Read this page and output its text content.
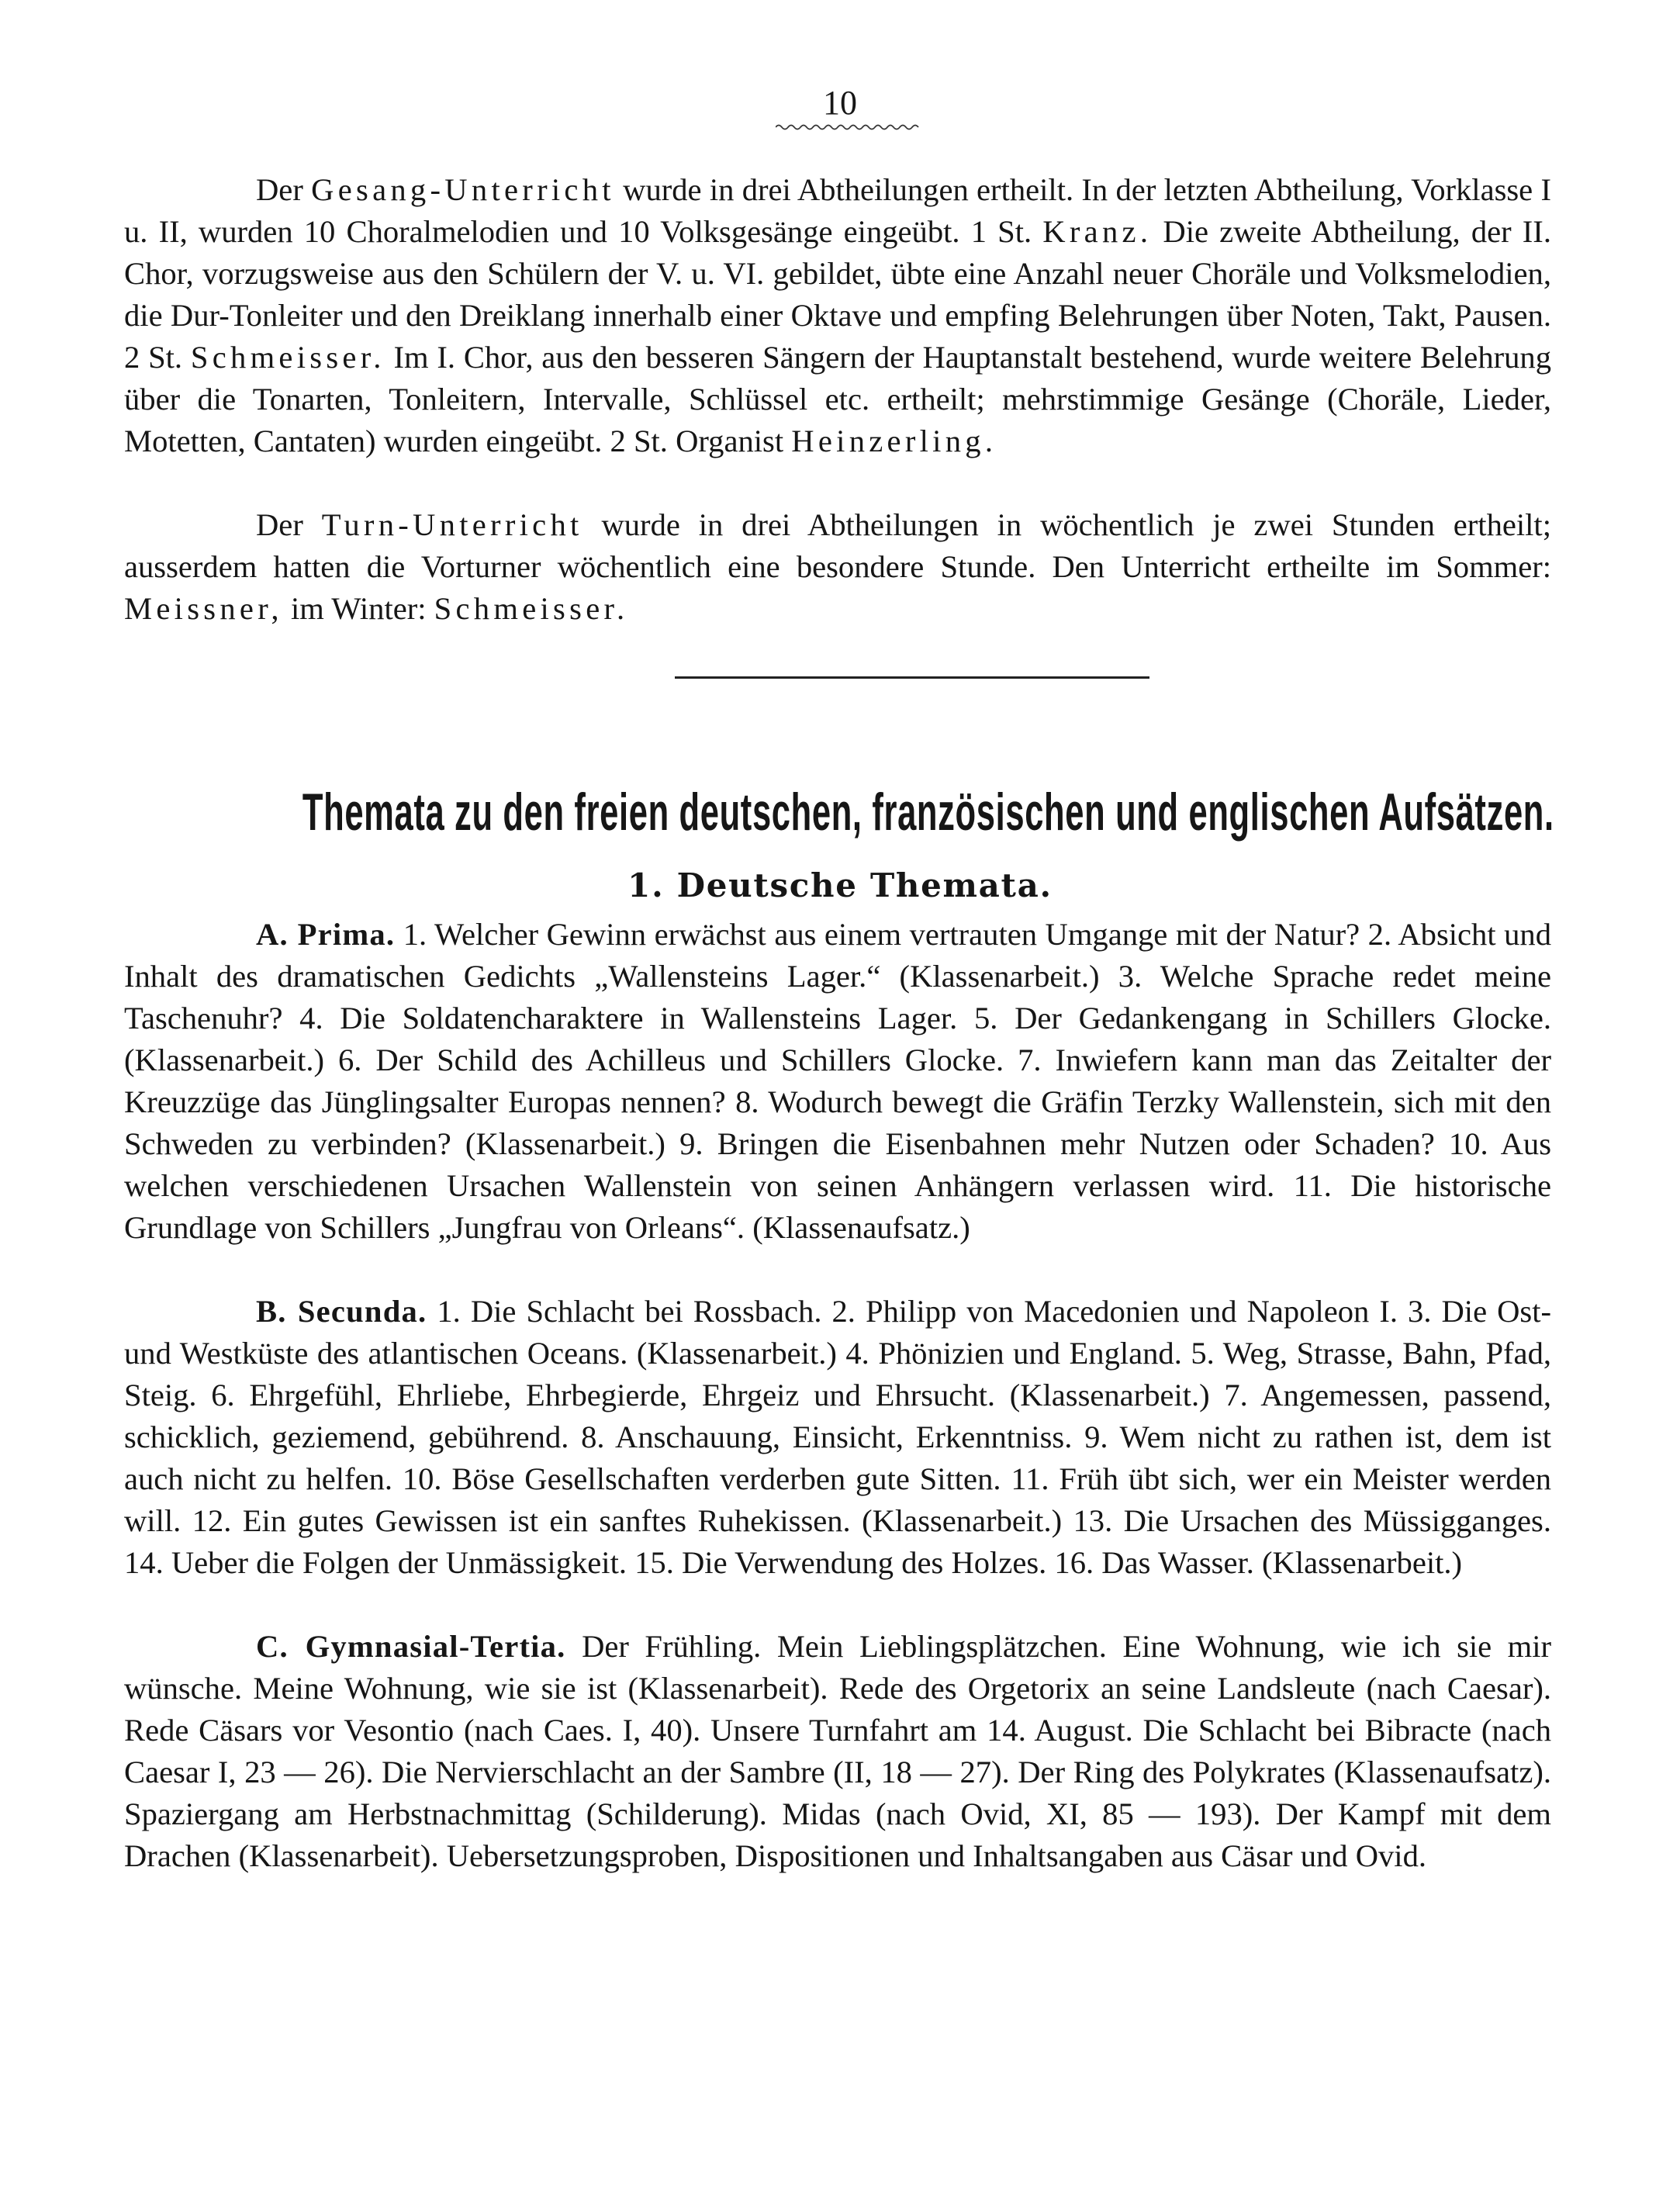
10

Der Gesang-Unterricht wurde in drei Abtheilungen ertheilt. In der letzten Abtheilung, Vorklasse I u. II, wurden 10 Choralmelodien und 10 Volksgesänge eingeübt. 1 St. Kranz. Die zweite Abtheilung, der II. Chor, vorzugsweise aus den Schülern der V. u. VI. gebildet, übte eine Anzahl neuer Choräle und Volksmelodien, die Dur-Tonleiter und den Dreiklang innerhalb einer Oktave und empfing Belehrungen über Noten, Takt, Pausen. 2 St. Schmeisser. Im I. Chor, aus den besseren Sängern der Hauptanstalt bestehend, wurde weitere Belehrung über die Tonarten, Tonleitern, Intervalle, Schlüssel etc. ertheilt; mehrstimmige Gesänge (Choräle, Lieder, Motetten, Cantaten) wurden eingeübt. 2 St. Organist Heinzerling.

Der Turn-Unterricht wurde in drei Abtheilungen in wöchentlich je zwei Stunden ertheilt; ausserdem hatten die Vorturner wöchentlich eine besondere Stunde. Den Unterricht ertheilte im Sommer: Meissner, im Winter: Schmeisser.

Themata zu den freien deutschen, französischen und englischen Aufsätzen.
1. Deutsche Themata.

A. Prima. 1. Welcher Gewinn erwächst aus einem vertrauten Umgange mit der Natur? 2. Absicht und Inhalt des dramatischen Gedichts „Wallensteins Lager.“ (Klassenarbeit.) 3. Welche Sprache redet meine Taschenuhr? 4. Die Soldatencharaktere in Wallensteins Lager. 5. Der Gedankengang in Schillers Glocke. (Klassenarbeit.) 6. Der Schild des Achilleus und Schillers Glocke. 7. Inwiefern kann man das Zeitalter der Kreuzzüge das Jünglingsalter Europas nennen? 8. Wodurch bewegt die Gräfin Terzky Wallenstein, sich mit den Schweden zu verbinden? (Klassenarbeit.) 9. Bringen die Eisenbahnen mehr Nutzen oder Schaden? 10. Aus welchen verschiedenen Ursachen Wallenstein von seinen Anhängern verlassen wird. 11. Die historische Grundlage von Schillers „Jungfrau von Orleans“. (Klassenaufsatz.)

B. Secunda. 1. Die Schlacht bei Rossbach. 2. Philipp von Macedonien und Napoleon I. 3. Die Ost- und Westküste des atlantischen Oceans. (Klassenarbeit.) 4. Phönizien und England. 5. Weg, Strasse, Bahn, Pfad, Steig. 6. Ehrgefühl, Ehrliebe, Ehrbegierde, Ehrgeiz und Ehrsucht. (Klassenarbeit.) 7. Angemessen, passend, schicklich, geziemend, gebührend. 8. Anschauung, Einsicht, Erkenntniss. 9. Wem nicht zu rathen ist, dem ist auch nicht zu helfen. 10. Böse Gesellschaften verderben gute Sitten. 11. Früh übt sich, wer ein Meister werden will. 12. Ein gutes Gewissen ist ein sanftes Ruhekissen. (Klassenarbeit.) 13. Die Ursachen des Müssigganges. 14. Ueber die Folgen der Unmässigkeit. 15. Die Verwendung des Holzes. 16. Das Wasser. (Klassenarbeit.)

C. Gymnasial-Tertia. Der Frühling. Mein Lieblingsplätzchen. Eine Wohnung, wie ich sie mir wünsche. Meine Wohnung, wie sie ist (Klassenarbeit). Rede des Orgetorix an seine Landsleute (nach Caesar). Rede Cäsars vor Vesontio (nach Caes. I, 40). Unsere Turnfahrt am 14. August. Die Schlacht bei Bibracte (nach Caesar I, 23 — 26). Die Nervierschlacht an der Sambre (II, 18 — 27). Der Ring des Polykrates (Klassenaufsatz). Spaziergang am Herbstnachmittag (Schilderung). Midas (nach Ovid, XI, 85 — 193). Der Kampf mit dem Drachen (Klassenarbeit). Uebersetzungsproben, Dispositionen und Inhaltsangaben aus Cäsar und Ovid.
